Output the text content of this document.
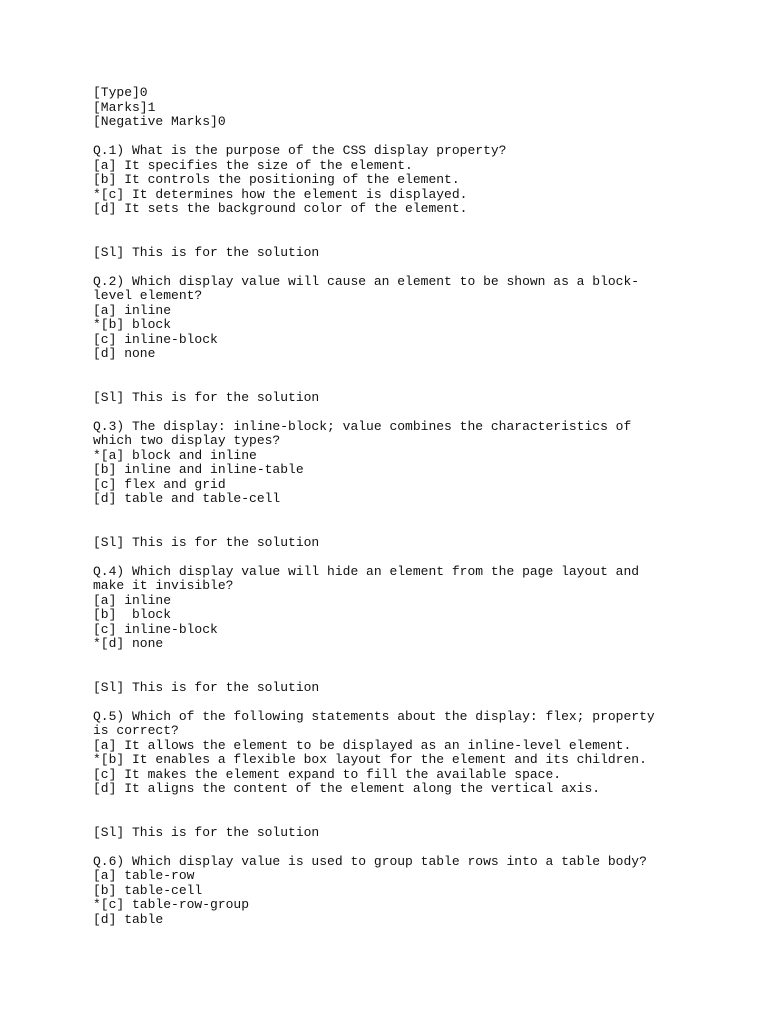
[Type]0

[Marks]1

[Negative Marks]0

Q.1) What is the purpose of the CSS display property?

[a] It specifies the size of the element.

[b] It controls the positioning of the element.

*[c] It determines how the element is displayed.

[d] It sets the background color of the element.

[Sl] This is for the solution

Q.2) Which display value will cause an element to be shown as a block-level element?

[a] inline

*[b] block

[c] inline-block

[d] none

[Sl] This is for the solution

Q.3) The display: inline-block; value combines the characteristics of which two display types?

*[a] block and inline

[b] inline and inline-table

[c] flex and grid

[d] table and table-cell

[Sl] This is for the solution

Q.4) Which display value will hide an element from the page layout and make it invisible?

[a] inline

[b]  block

[c] inline-block

*[d] none

[Sl] This is for the solution

Q.5) Which of the following statements about the display: flex; property is correct?

[a] It allows the element to be displayed as an inline-level element.

*[b] It enables a flexible box layout for the element and its children.

[c] It makes the element expand to fill the available space.

[d] It aligns the content of the element along the vertical axis.

[Sl] This is for the solution

Q.6) Which display value is used to group table rows into a table body?

[a] table-row

[b] table-cell

*[c] table-row-group

[d] table
